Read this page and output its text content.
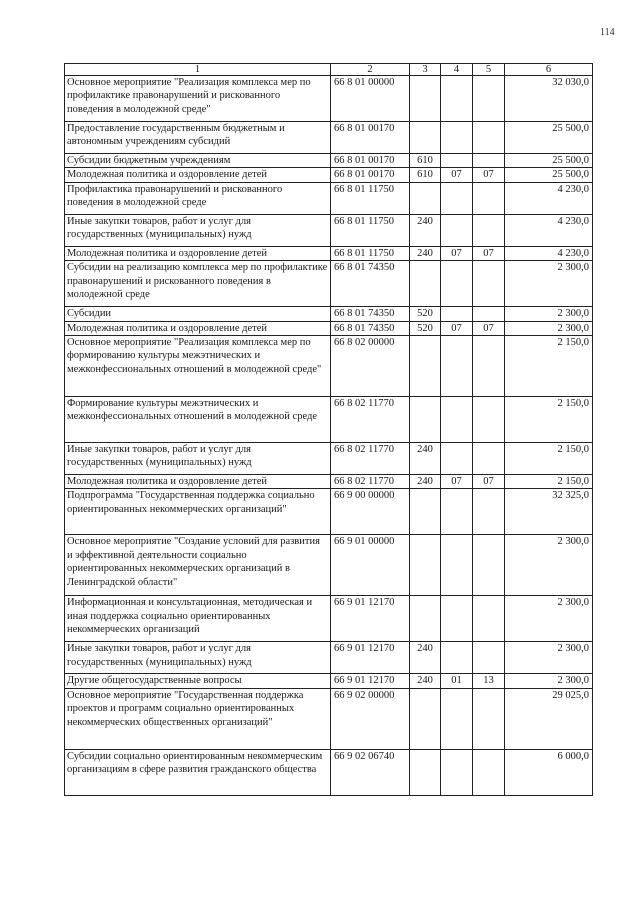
114
1	2	3	4	5	6
Основное мероприятие "Реализация комплекса мер по профилактике правонарушений и рискованного поведения в молодежной среде"	66 8 01 00000				32 030,0
Предоставление государственным бюджетным и автономным учреждениям субсидий	66 8 01 00170				25 500,0
Субсидии бюджетным учреждениям	66 8 01 00170	610			25 500,0
Молодежная политика и оздоровление детей	66 8 01 00170	610	07	07	25 500,0
Профилактика правонарушений и рискованного поведения в молодежной среде	66 8 01 11750				4 230,0
Иные закупки товаров, работ и услуг для государственных (муниципальных) нужд	66 8 01 11750	240			4 230,0
Молодежная политика и оздоровление детей	66 8 01 11750	240	07	07	4 230,0
Субсидии на реализацию комплекса мер по профилактике правонарушений и рискованного поведения в молодежной среде	66 8 01 74350				2 300,0
Субсидии	66 8 01 74350	520			2 300,0
Молодежная политика и оздоровление детей	66 8 01 74350	520	07	07	2 300,0
Основное мероприятие "Реализация комплекса мер по формированию культуры межэтнических и межконфессиональных отношений в молодежной среде"	66 8 02 00000				2 150,0
Формирование культуры межэтнических и межконфессиональных отношений в молодежной среде	66 8 02 11770				2 150,0
Иные закупки товаров, работ и услуг для государственных (муниципальных) нужд	66 8 02 11770	240			2 150,0
Молодежная политика и оздоровление детей	66 8 02 11770	240	07	07	2 150,0
Подпрограмма "Государственная поддержка социально ориентированных некоммерческих организаций"	66 9 00 00000				32 325,0
Основное мероприятие "Создание условий для развития и эффективной деятельности социально ориентированных некоммерческих организаций в Ленинградской области"	66 9 01 00000				2 300,0
Информационная и консультационная, методическая и иная поддержка социально ориентированных некоммерческих организаций	66 9 01 12170				2 300,0
Иные закупки товаров, работ и услуг для государственных (муниципальных) нужд	66 9 01 12170	240			2 300,0
Другие общегосударственные вопросы	66 9 01 12170	240	01	13	2 300,0
Основное мероприятие "Государственная поддержка проектов и программ социально ориентированных некоммерческих общественных организаций"	66 9 02 00000				29 025,0
Субсидии социально ориентированным некоммерческим организациям в сфере развития гражданского общества	66 9 02 06740				6 000,0
